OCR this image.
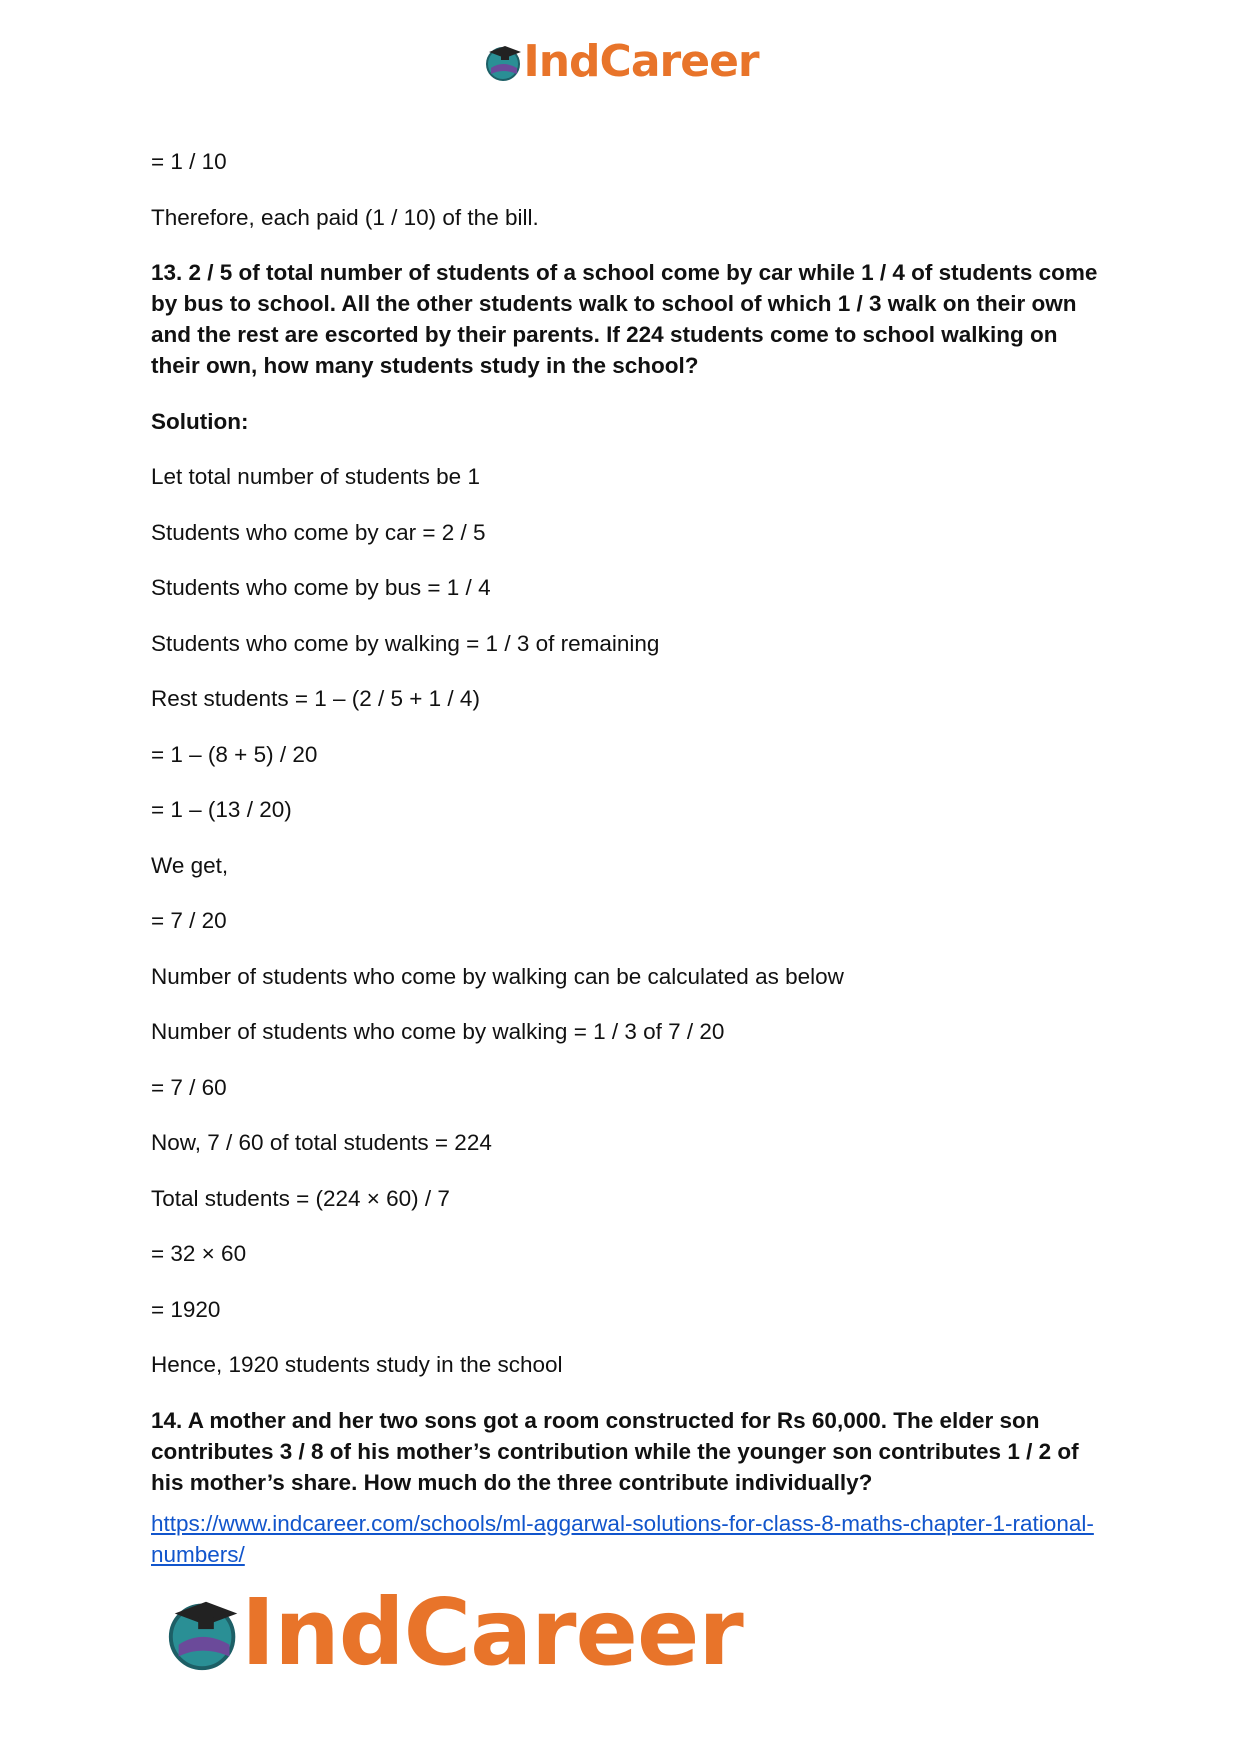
IndCareer

= 1 / 10

Therefore, each paid (1 / 10) of the bill.

13. 2 / 5 of total number of students of a school come by car while 1 / 4 of students come by bus to school. All the other students walk to school of which 1 / 3 walk on their own and the rest are escorted by their parents. If 224 students come to school walking on their own, how many students study in the school?

Solution:

Let total number of students be 1

Students who come by car = 2 / 5

Students who come by bus = 1 / 4

Students who come by walking = 1 / 3 of remaining

Rest students = 1 – (2 / 5 + 1 / 4)

= 1 – (8 + 5) / 20

= 1 – (13 / 20)

We get,

= 7 / 20

Number of students who come by walking can be calculated as below

Number of students who come by walking = 1 / 3 of 7 / 20

= 7 / 60

Now, 7 / 60 of total students = 224

Total students = (224 × 60) / 7

= 32 × 60

= 1920

Hence, 1920 students study in the school

14. A mother and her two sons got a room constructed for Rs 60,000. The elder son contributes 3 / 8 of his mother’s contribution while the younger son contributes 1 / 2 of his mother’s share. How much do the three contribute individually?

https://www.indcareer.com/schools/ml-aggarwal-solutions-for-class-8-maths-chapter-1-rational-numbers/
IndCareer
